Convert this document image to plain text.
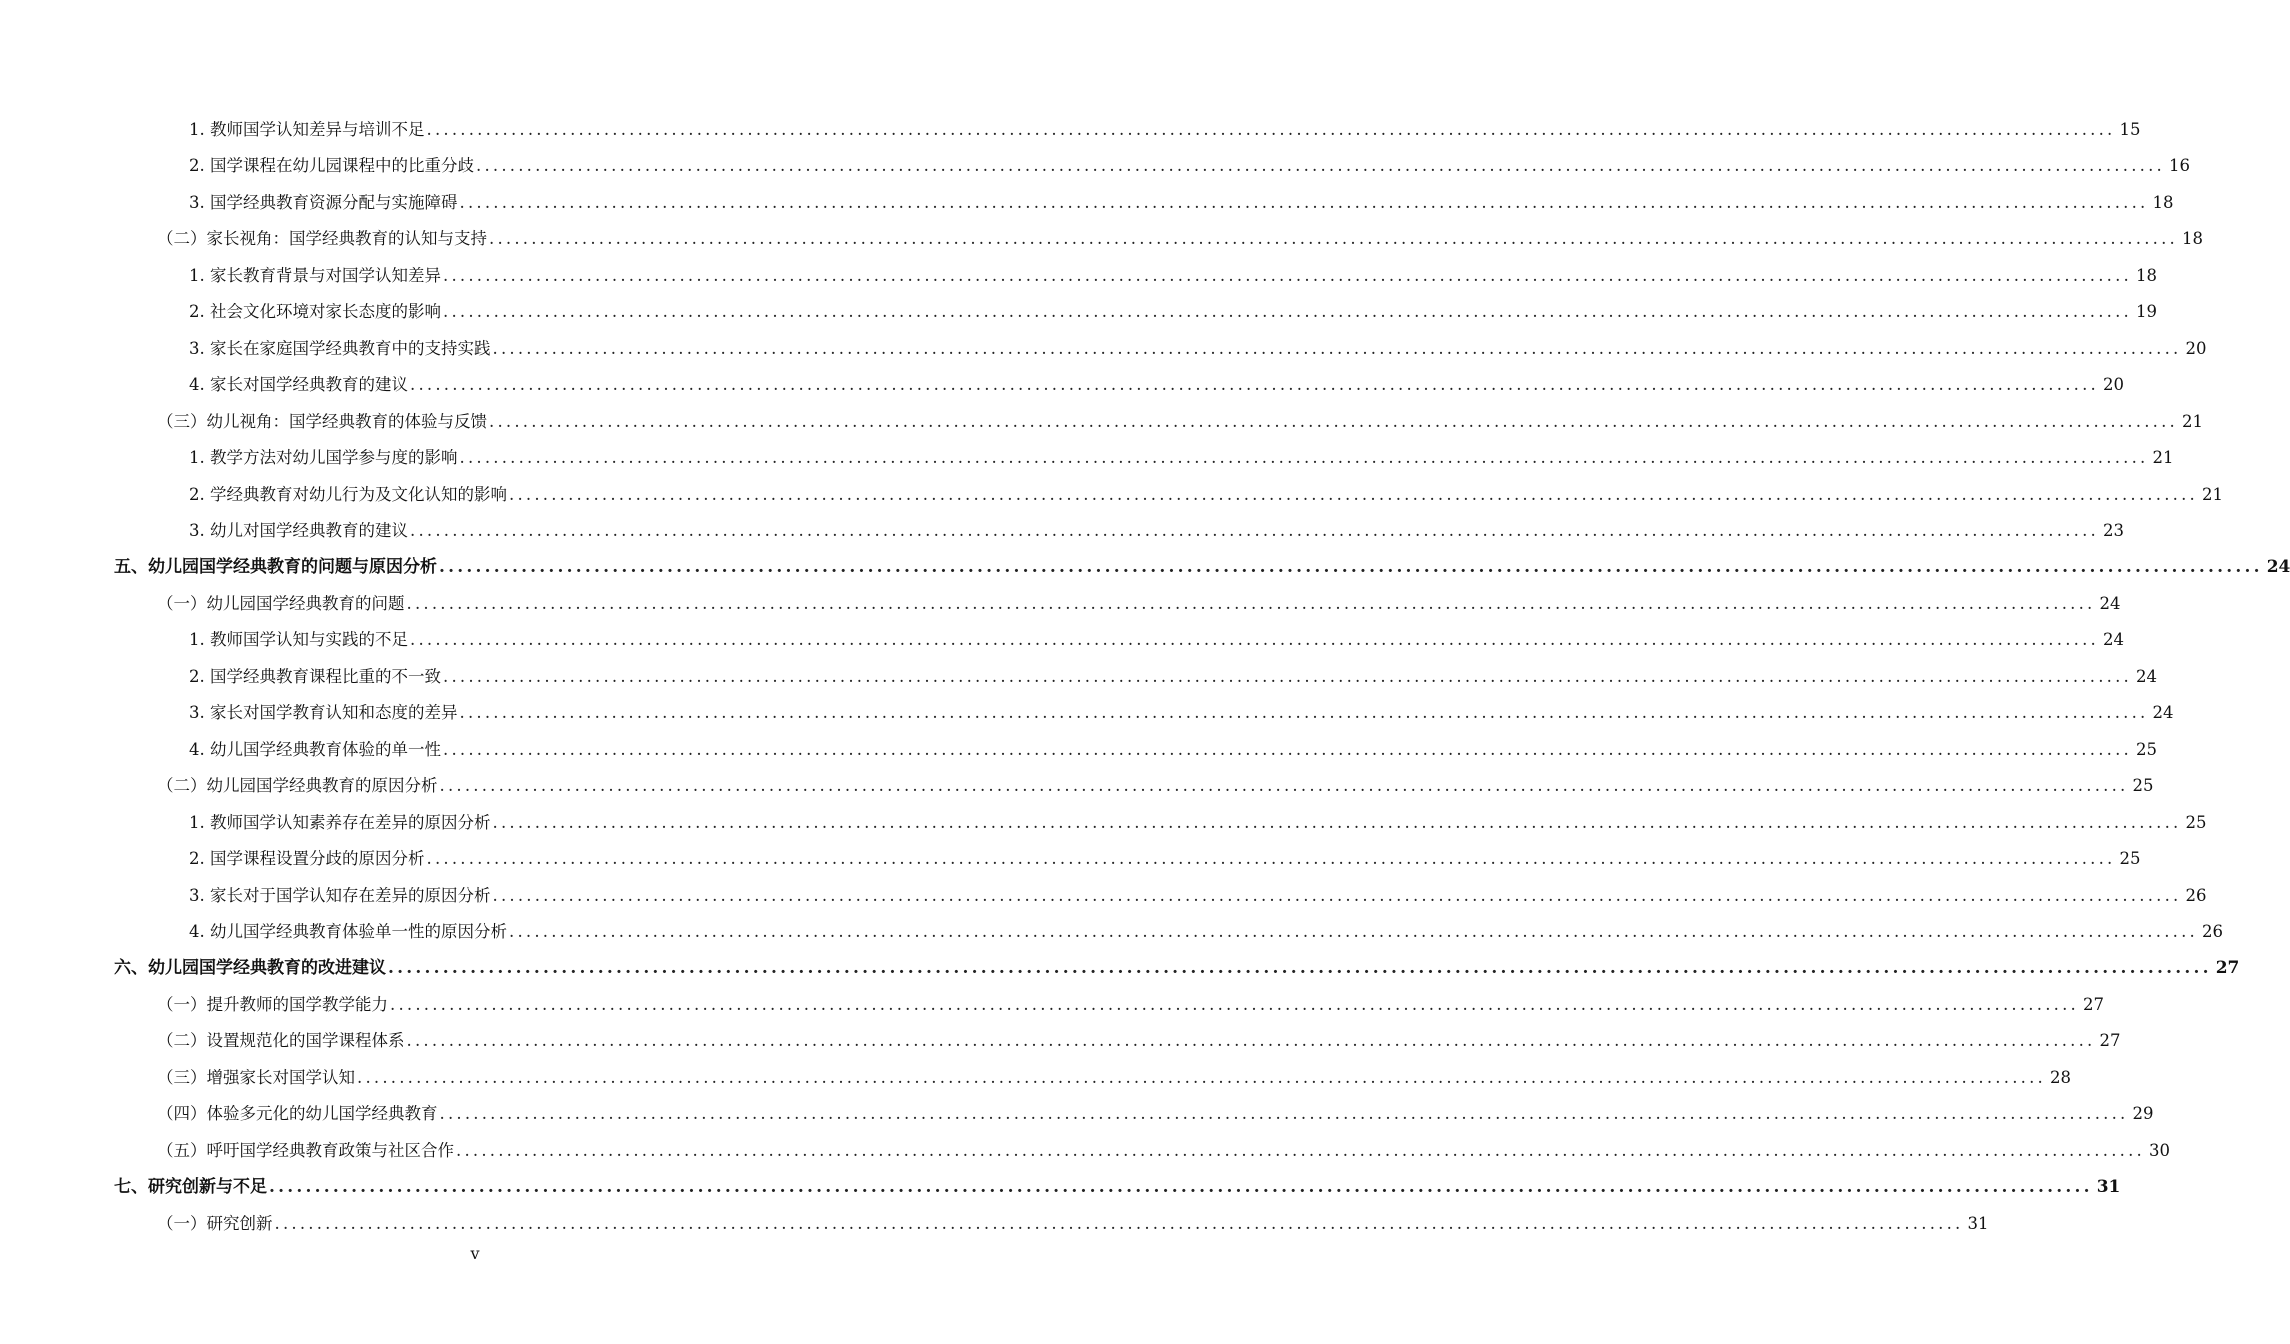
1. 教师国学认知差异与培训不足 ........................................................................................................................................................................................................ 15
2. 国学课程在幼儿园课程中的比重分歧 ........................................................................................................................................................................................................ 16
3. 国学经典教育资源分配与实施障碍 ........................................................................................................................................................................................................ 18
（二）家长视角：国学经典教育的认知与支持 ........................................................................................................................................................................................................ 18
1. 家长教育背景与对国学认知差异 ........................................................................................................................................................................................................ 18
2. 社会文化环境对家长态度的影响 ........................................................................................................................................................................................................ 19
3. 家长在家庭国学经典教育中的支持实践 ........................................................................................................................................................................................................ 20
4. 家长对国学经典教育的建议 ........................................................................................................................................................................................................ 20
（三）幼儿视角：国学经典教育的体验与反馈 ........................................................................................................................................................................................................ 21
1. 教学方法对幼儿国学参与度的影响 ........................................................................................................................................................................................................ 21
2. 学经典教育对幼儿行为及文化认知的影响 ........................................................................................................................................................................................................ 21
3. 幼儿对国学经典教育的建议 ........................................................................................................................................................................................................ 23
五、幼儿园国学经典教育的问题与原因分析 ........................................................................................................................................................................................................ 24
（一）幼儿园国学经典教育的问题 ........................................................................................................................................................................................................ 24
1. 教师国学认知与实践的不足 ........................................................................................................................................................................................................ 24
2. 国学经典教育课程比重的不一致 ........................................................................................................................................................................................................ 24
3. 家长对国学教育认知和态度的差异 ........................................................................................................................................................................................................ 24
4. 幼儿国学经典教育体验的单一性 ........................................................................................................................................................................................................ 25
（二）幼儿园国学经典教育的原因分析 ........................................................................................................................................................................................................ 25
1. 教师国学认知素养存在差异的原因分析 ........................................................................................................................................................................................................ 25
2. 国学课程设置分歧的原因分析 ........................................................................................................................................................................................................ 25
3. 家长对于国学认知存在差异的原因分析 ........................................................................................................................................................................................................ 26
4. 幼儿国学经典教育体验单一性的原因分析 ........................................................................................................................................................................................................ 26
六、幼儿园国学经典教育的改进建议 ........................................................................................................................................................................................................ 27
（一）提升教师的国学教学能力 ........................................................................................................................................................................................................ 27
（二）设置规范化的国学课程体系 ........................................................................................................................................................................................................ 27
（三）增强家长对国学认知 ........................................................................................................................................................................................................ 28
（四）体验多元化的幼儿国学经典教育 ........................................................................................................................................................................................................ 29
（五）呼吁国学经典教育政策与社区合作 ........................................................................................................................................................................................................ 30
七、研究创新与不足 ........................................................................................................................................................................................................ 31
（一）研究创新 ........................................................................................................................................................................................................ 31
v
